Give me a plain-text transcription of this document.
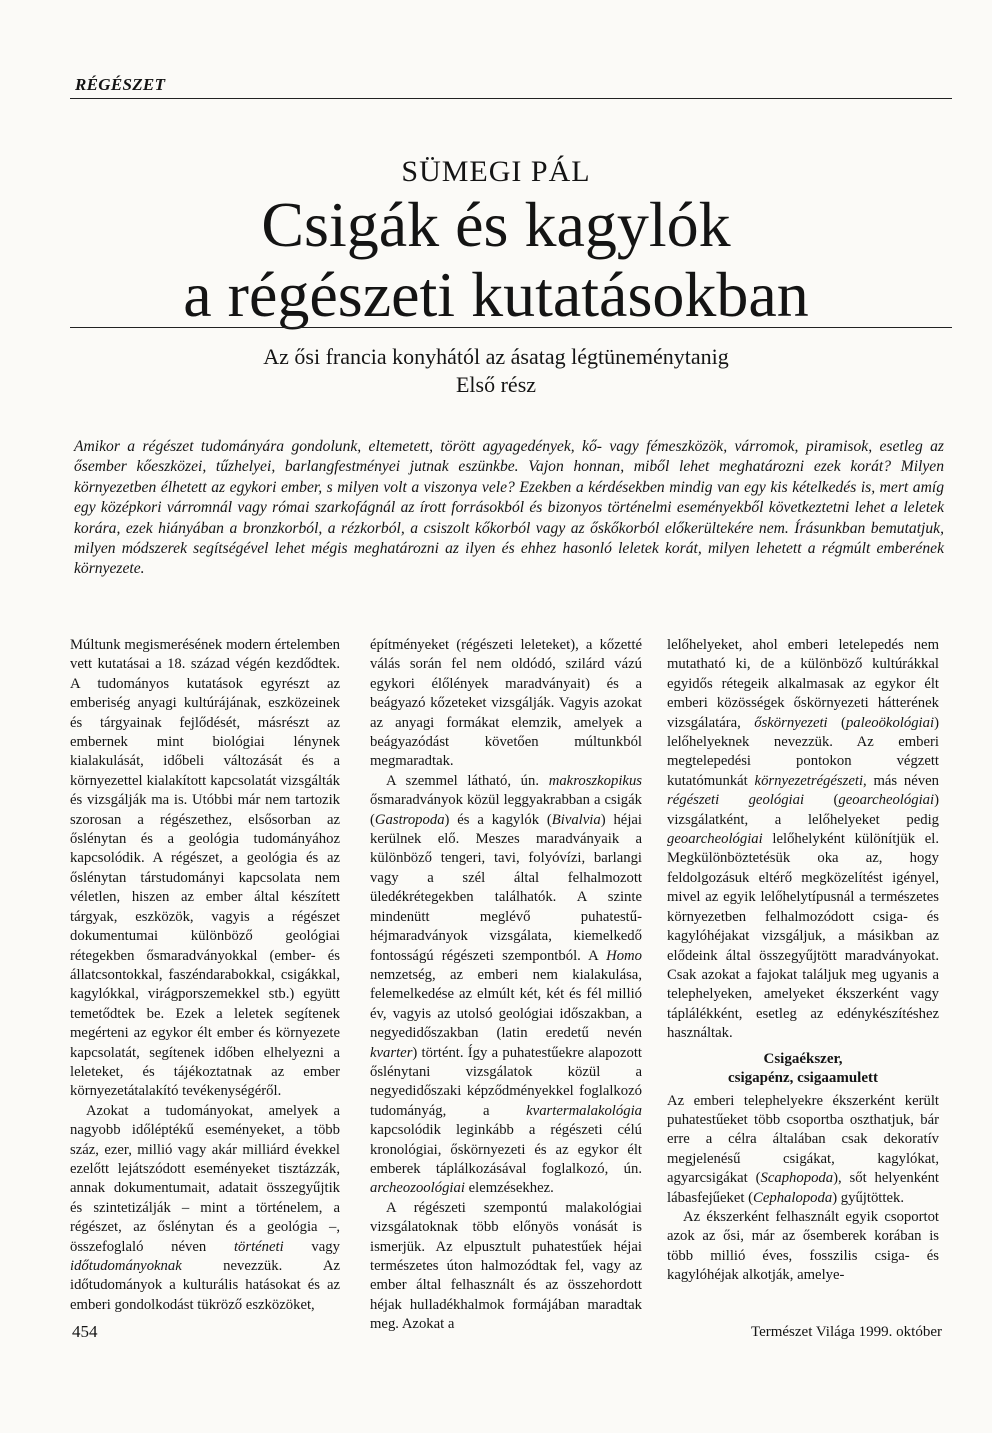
RÉGÉSZET
SÜMEGI PÁL
Csigák és kagylók
a régészeti kutatásokban
Az ősi francia konyhától az ásatag légtüneménytanig
Első rész

Amikor a régészet tudományára gondolunk, eltemetett, törött agyagedények, kő- vagy fémeszközök, várromok, piramisok, esetleg az ősember kőeszközei, tűzhelyei, barlangfestményei jutnak eszünkbe. Vajon honnan, miből lehet meghatározni ezek korát? Milyen környezetben élhetett az egykori ember, s milyen volt a viszonya vele? Ezekben a kérdésekben mindig van egy kis kételkedés is, mert amíg egy középkori várromnál vagy római szarkofágnál az írott forrásokból és bizonyos történelmi eseményekből következtetni lehet a leletek korára, ezek hiányában a bronzkorból, a rézkorból, a csiszolt kőkorból vagy az őskőkorból előkerültekére nem. Írásunkban bemutatjuk, milyen módszerek segítségével lehet mégis meghatározni az ilyen és ehhez hasonló leletek korát, milyen lehetett a régmúlt emberének környezete.

Múltunk megismerésének modern értelemben vett kutatásai a 18. század végén kezdődtek. A tudományos kutatások egyrészt az emberiség anyagi kultúrájának, eszközeinek és tárgyainak fejlődését, másrészt az embernek mint biológiai lénynek kialakulását, időbeli változását és a környezettel kialakított kapcsolatát vizsgálták és vizsgálják ma is. Utóbbi már nem tartozik szorosan a régészethez, elsősorban az őslénytan és a geológia tudományához kapcsolódik. A régészet, a geológia és az őslénytan társtudományi kapcsolata nem véletlen, hiszen az ember által készített tárgyak, eszközök, vagyis a régészet dokumentumai különböző geológiai rétegekben ősmaradványokkal (ember- és állatcsontokkal, faszéndarabokkal, csigákkal, kagylókkal, virágporszemekkel stb.) együtt temetődtek be. Ezek a leletek segítenek megérteni az egykor élt ember és környezete kapcsolatát, segítenek időben elhelyezni a leleteket, és tájékoztatnak az ember környezetátalakító tevékenységéről.

Azokat a tudományokat, amelyek a nagyobb időléptékű eseményeket, a több száz, ezer, millió vagy akár milliárd évekkel ezelőtt lejátszódott eseményeket tisztázzák, annak dokumentumait, adatait összegyűjtik és szintetizálják – mint a történelem, a régészet, az őslénytan és a geológia –, összefoglaló néven történeti vagy időtudományoknak nevezzük. Az időtudományok a kulturális hatásokat és az emberi gondolkodást tükröző eszközöket,

építményeket (régészeti leleteket), a kőzetté válás során fel nem oldódó, szilárd vázú egykori élőlények maradványait) és a beágyazó kőzeteket vizsgálják. Vagyis azokat az anyagi formákat elemzik, amelyek a beágyazódást követően múltunkból megmaradtak.

A szemmel látható, ún. makroszkopikus ősmaradványok közül leggyakrabban a csigák (Gastropoda) és a kagylók (Bivalvia) héjai kerülnek elő. Meszes maradványaik a különböző tengeri, tavi, folyóvízi, barlangi vagy a szél által felhalmozott üledékrétegekben találhatók. A szinte mindenütt meglévő puhatestű-héjmaradványok vizsgálata, kiemelkedő fontosságú régészeti szempontból. A Homo nemzetség, az emberi nem kialakulása, felemelkedése az elmúlt két, két és fél millió év, vagyis az utolsó geológiai időszakban, a negyedidőszakban (latin eredetű nevén kvarter) történt. Így a puhatestűekre alapozott őslénytani vizsgálatok közül a negyedidőszaki képződményekkel foglalkozó tudományág, a kvartermalakológia kapcsolódik leginkább a régészeti célú kronológiai, őskörnyezeti és az egykor élt emberek táplálkozásával foglalkozó, ún. archeozoológiai elemzésekhez.

A régészeti szempontú malakológiai vizsgálatoknak több előnyös vonását is ismerjük. Az elpusztult puhatestűek héjai természetes úton halmozódtak fel, vagy az ember által felhasznált és az összehordott héjak hulladékhalmok formájában maradtak meg. Azokat a

lelőhelyeket, ahol emberi letelepedés nem mutatható ki, de a különböző kultúrákkal egyidős rétegeik alkalmasak az egykor élt emberi közösségek őskörnyezeti hátterének vizsgálatára, őskörnyezeti (paleoökológiai) lelőhelyeknek nevezzük. Az emberi megtelepedési pontokon végzett kutatómunkát környezetrégészeti, más néven régészeti geológiai (geoarcheológiai) vizsgálatként, a lelőhelyeket pedig geoarcheológiai lelőhelyként különítjük el. Megkülönböztetésük oka az, hogy feldolgozásuk eltérő megközelítést igényel, mivel az egyik lelőhelytípusnál a természetes környezetben felhalmozódott csiga- és kagylóhéjakat vizsgáljuk, a másikban az elődeink által összegyűjtött maradványokat. Csak azokat a fajokat találjuk meg ugyanis a telephelyeken, amelyeket ékszerként vagy táplálékként, esetleg az edénykészítéshez használtak.

Csigaékszer,
csigapénz, csigaamulett

Az emberi telephelyekre ékszerként került puhatestűeket több csoportba oszthatjuk, bár erre a célra általában csak dekoratív megjelenésű csigákat, kagylókat, agyarcsigákat (Scaphopoda), sőt helyenként lábasfejűeket (Cephalopoda) gyűjtöttek.

Az ékszerként felhasznált egyik csoportot azok az ősi, már az ősemberek korában is több millió éves, fosszilis csiga- és kagylóhéjak alkotják, amelye-

454	Természet Világa 1999. október
